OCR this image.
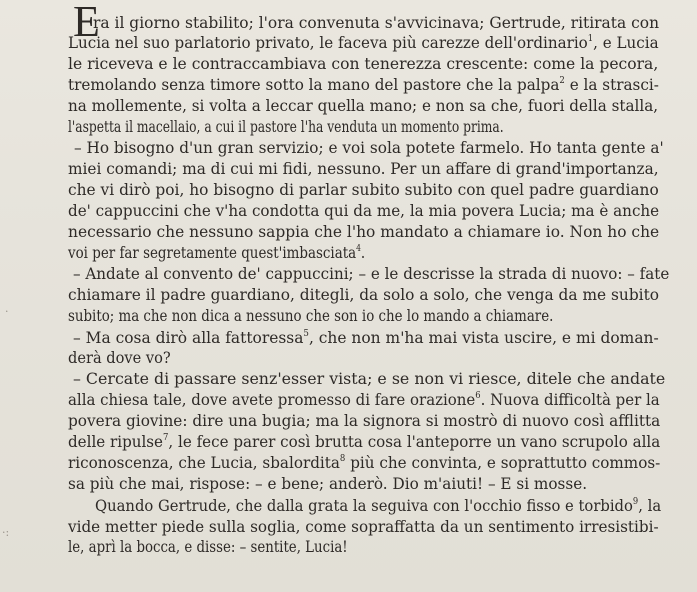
E
·
·:
ra il giorno stabilito; l'ora convenuta s'avvicinava; Gertrude, ritirata con
Lucia nel suo parlatorio privato, le faceva più carezze dell'ordinario$^1$, e Lucia
le riceveva e le contraccambiava con tenerezza crescente: come la pecora,
tremolando senza timore sotto la mano del pastore che la palpa$^2$ e la strasci-
na mollemente, si volta a leccar quella mano; e non sa che, fuori della stalla,
l'aspetta il macellaio, a cui il pastore l'ha venduta un momento prima.
– Ho bisogno d'un gran servizio; e voi sola potete farmelo. Ho tanta gente a'
miei comandi; ma di cui mi fidi, nessuno. Per un affare di grand'importanza,
che vi dirò poi, ho bisogno di parlar subito subito con quel padre guardiano
de' cappuccini che v'ha condotta qui da me, la mia povera Lucia; ma è anche
necessario che nessuno sappia che l'ho mandato a chiamare io. Non ho che
voi per far segretamente quest'imbasciata$^4$.
– Andate al convento de' cappuccini; – e le descrisse la strada di nuovo: – fate
chiamare il padre guardiano, ditegli, da solo a solo, che venga da me subito
subito; ma che non dica a nessuno che son io che lo mando a chiamare.
– Ma cosa dirò alla fattoressa$^5$, che non m'ha mai vista uscire, e mi doman-
derà dove vo?
– Cercate di passare senz'esser vista; e se non vi riesce, ditele che andate
alla chiesa tale, dove avete promesso di fare orazione$^6$. Nuova difficoltà per la
povera giovine: dire una bugia; ma la signora si mostrò di nuovo così afflitta
delle ripulse$^7$, le fece parer così brutta cosa l'anteporre un vano scrupolo alla
riconoscenza, che Lucia, sbalordita$^8$ più che convinta, e soprattutto commos-
sa più che mai, rispose: – e bene; anderò. Dio m'aiuti! – E si mosse.
Quando Gertrude, che dalla grata la seguiva con l'occhio fisso e torbido$^9$, la
vide metter piede sulla soglia, come sopraffatta da un sentimento irresistibi-
le, aprì la bocca, e disse: – sentite, Lucia!
